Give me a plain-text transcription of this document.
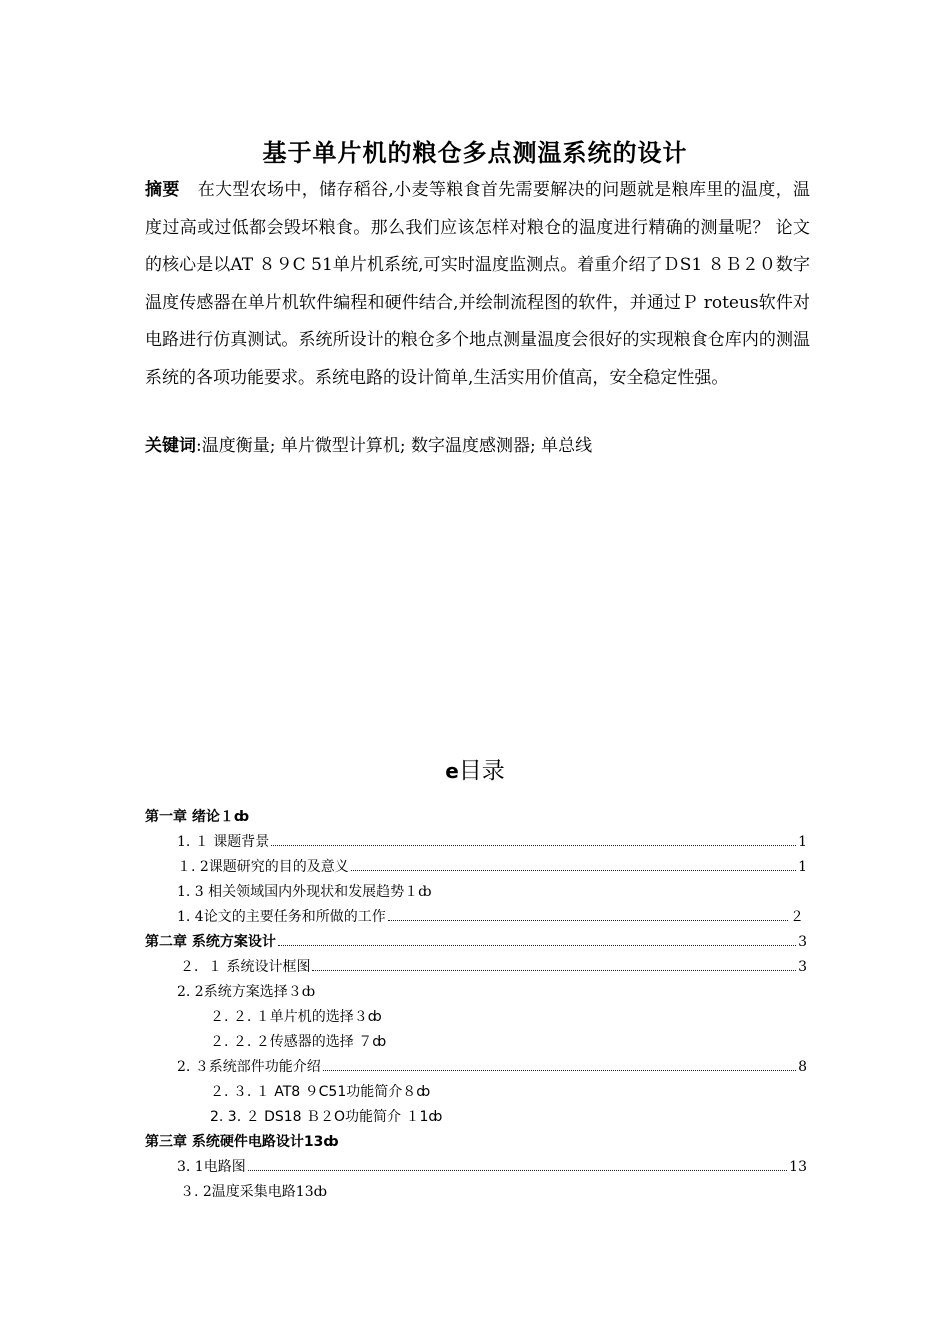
基于单片机的粮仓多点测温系统的设计
摘要 在大型农场中，储存稻谷,小麦等粮食首先需要解决的问题就是粮库里的温度，温度过高或过低都会毁坏粮食。那么我们应该怎样对粮仓的温度进行精确的测量呢？ 论文的核心是以AT ８９C 51单片机系统,可实时温度监测点。着重介绍了ＤS1 ８Ｂ２０数字温度传感器在单片机软件编程和硬件结合,并绘制流程图的软件，并通过Ｐ roteus软件对电路进行仿真测试。系统所设计的粮仓多个地点测量温度会很好的实现粮食仓库内的测温系统的各项功能要求。系统电路的设计简单,生活实用价值高，安全稳定性强。
关键词:温度衡量; 单片微型计算机; 数字温度感测器; 单总线
e目录
第一章 绪论１ȸ
1. １ 课题背景	1
１. 2课题研究的目的及意义	1
1. 3 相关领域国内外现状和发展趋势１ȸ
1. 4论文的主要任务和所做的工作	２
第二章 系统方案设计	3
２．１ 系统设计框图	3
2. 2系统方案选择３ȸ
２. ２. １单片机的选择３ȸ
２. ２. ２传感器的选择 ７ȸ
2. ３系统部件功能介绍	8
２. ３. １ AT8 ９C51功能简介８ȸ
2. 3. ２ DS18 Ｂ２O功能简介 １1ȸ
第三章 系统硬件电路设计13ȸ
3. 1电路图	13
３. 2温度采集电路13ȸ
